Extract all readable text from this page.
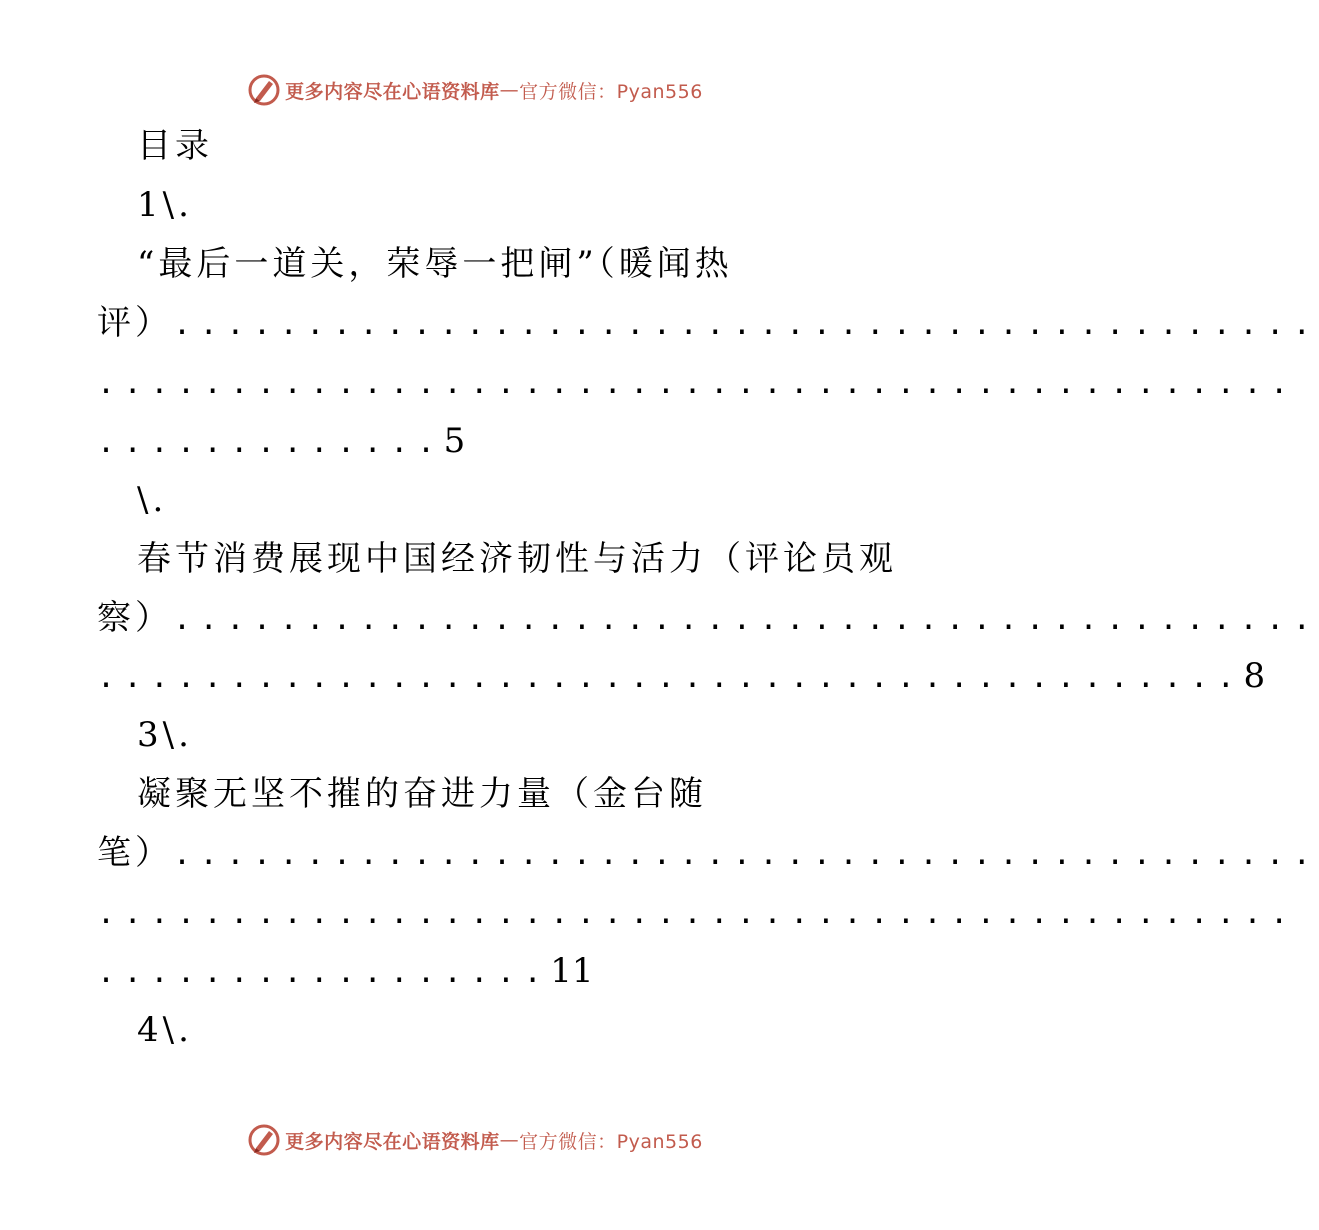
更多内容尽在心语资料库 — 官方微信：Pyan556
目录
1\.
“最后一道关，荣辱一把闸”（暖闻热
评）...........................................
.............................................
.............5
\.
春节消费展现中国经济韧性与活力（评论员观
察）...........................................
...........................................8
3\.
凝聚无坚不摧的奋进力量（金台随
笔）...........................................
.............................................
.................11
4\.
更多内容尽在心语资料库 — 官方微信：Pyan556
